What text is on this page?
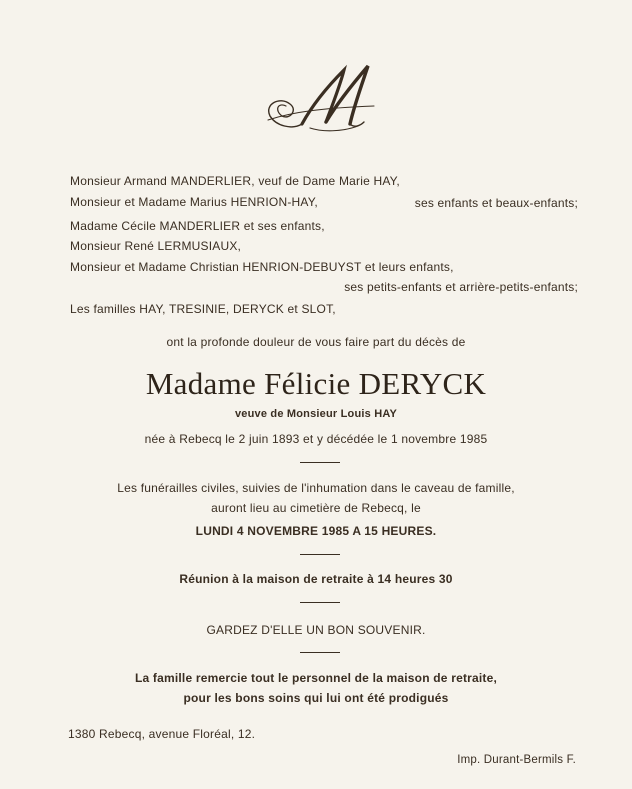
M
Monsieur Armand MANDERLIER, veuf de Dame Marie HAY,
Monsieur et Madame Marius HENRION-HAY,	ses enfants et beaux-enfants;
Madame Cécile MANDERLIER et ses enfants,
Monsieur René LERMUSIAUX,
Monsieur et Madame Christian HENRION-DEBUYST et leurs enfants,
ses petits-enfants et arrière-petits-enfants;
Les familles HAY, TRESINIE, DERYCK et SLOT,
ont la profonde douleur de vous faire part du décès de
Madame Félicie DERYCK
veuve de Monsieur Louis HAY
née à Rebecq le 2 juin 1893 et y décédée le 1 novembre 1985
Les funérailles civiles, suivies de l'inhumation dans le caveau de famille,
auront lieu au cimetière de Rebecq, le
LUNDI 4 NOVEMBRE 1985 A 15 HEURES.
Réunion à la maison de retraite à 14 heures 30
GARDEZ D'ELLE UN BON SOUVENIR.
La famille remercie tout le personnel de la maison de retraite,
pour les bons soins qui lui ont été prodigués
1380 Rebecq, avenue Floréal, 12.
Imp. Durant-Bermils F.
